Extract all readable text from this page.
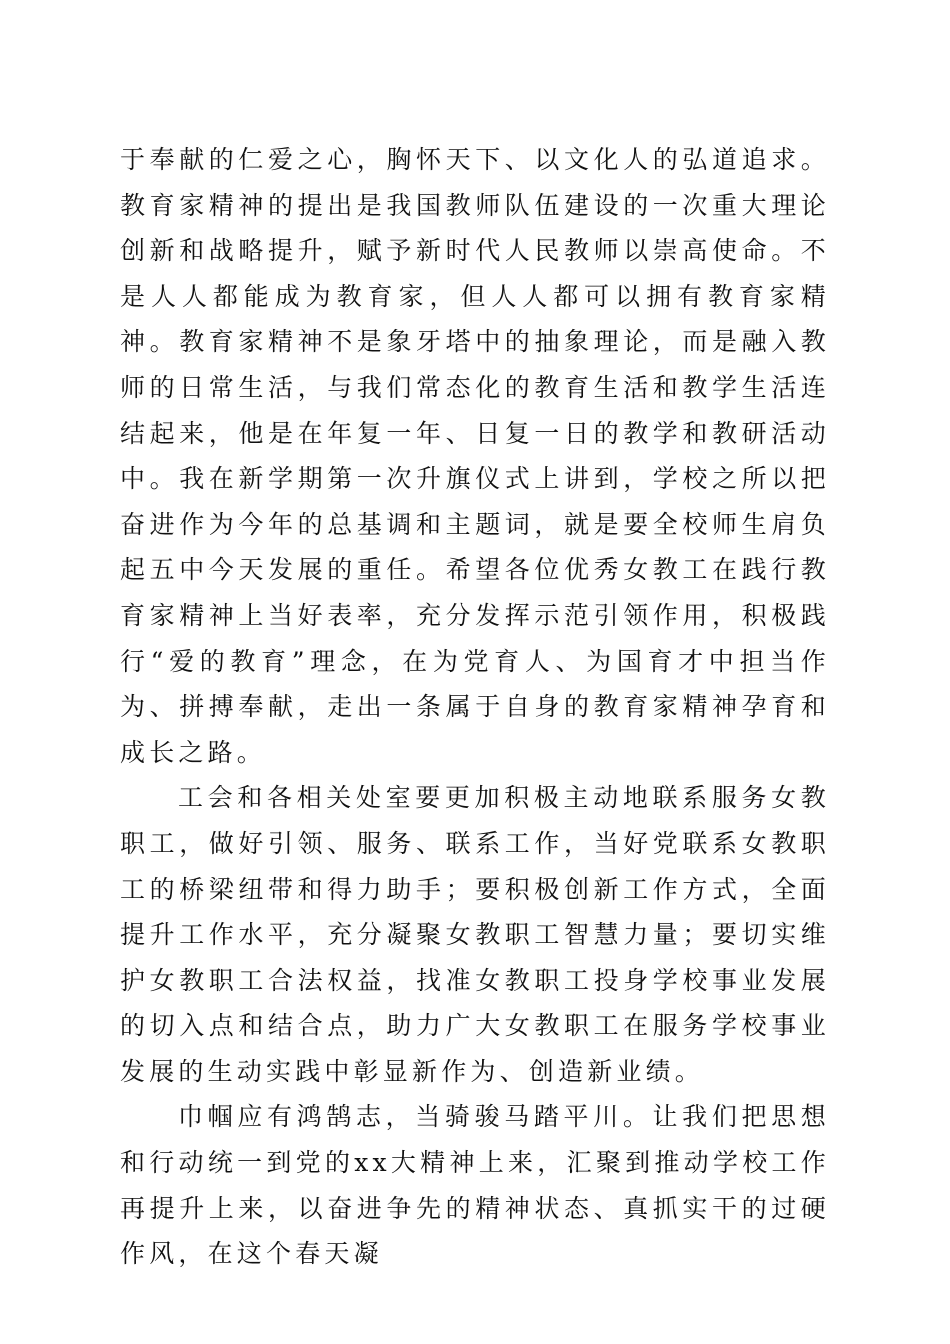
于奉献的仁爱之心，胸怀天下、以文化人的弘道追求。教育家精神的提出是我国教师队伍建设的一次重大理论创新和战略提升，赋予新时代人民教师以崇高使命。不是人人都能成为教育家，但人人都可以拥有教育家精神。教育家精神不是象牙塔中的抽象理论，而是融入教师的日常生活，与我们常态化的教育生活和教学生活连结起来，他是在年复一年、日复一日的教学和教研活动中。我在新学期第一次升旗仪式上讲到，学校之所以把奋进作为今年的总基调和主题词，就是要全校师生肩负起五中今天发展的重任。希望各位优秀女教工在践行教育家精神上当好表率，充分发挥示范引领作用，积极践行“爱的教育”理念，在为党育人、为国育才中担当作为、拼搏奉献，走出一条属于自身的教育家精神孕育和成长之路。

工会和各相关处室要更加积极主动地联系服务女教职工，做好引领、服务、联系工作，当好党联系女教职工的桥梁纽带和得力助手；要积极创新工作方式，全面提升工作水平，充分凝聚女教职工智慧力量；要切实维护女教职工合法权益，找准女教职工投身学校事业发展的切入点和结合点，助力广大女教职工在服务学校事业发展的生动实践中彰显新作为、创造新业绩。

巾帼应有鸿鹄志，当骑骏马踏平川。让我们把思想和行动统一到党的xx大精神上来，汇聚到推动学校工作再提升上来，以奋进争先的精神状态、真抓实干的过硬作风，在这个春天凝
